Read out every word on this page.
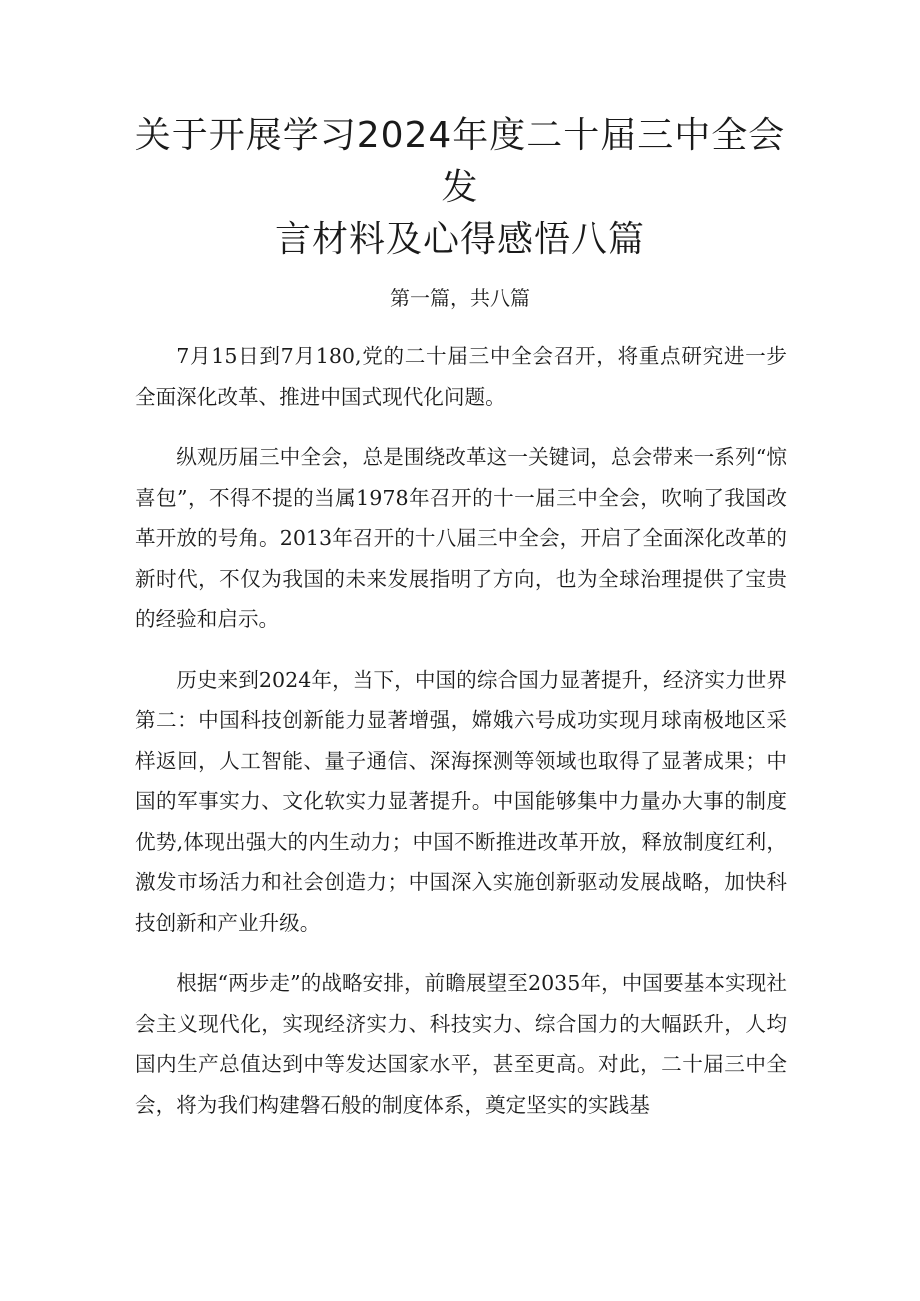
关于开展学习2024年度二十届三中全会发
言材料及心得感悟八篇
第一篇，共八篇

7月15日到7月180,党的二十届三中全会召开，将重点研究进一步全面深化改革、推进中国式现代化问题。

纵观历届三中全会，总是围绕改革这一关键词，总会带来一系列“惊喜包”，不得不提的当属1978年召开的十一届三中全会，吹响了我国改革开放的号角。2013年召开的十八届三中全会，开启了全面深化改革的新时代，不仅为我国的未来发展指明了方向，也为全球治理提供了宝贵的经验和启示。

历史来到2024年，当下，中国的综合国力显著提升，经济实力世界第二：中国科技创新能力显著增强，嫦娥六号成功实现月球南极地区采样返回，人工智能、量子通信、深海探测等领域也取得了显著成果；中国的军事实力、文化软实力显著提升。中国能够集中力量办大事的制度优势,体现出强大的内生动力；中国不断推进改革开放，释放制度红利，激发市场活力和社会创造力；中国深入实施创新驱动发展战略，加快科技创新和产业升级。

根据“两步走”的战略安排，前瞻展望至2035年，中国要基本实现社会主义现代化，实现经济实力、科技实力、综合国力的大幅跃升，人均国内生产总值达到中等发达国家水平，甚至更高。对此，二十届三中全会，将为我们构建磐石般的制度体系，奠定坚实的实践基
